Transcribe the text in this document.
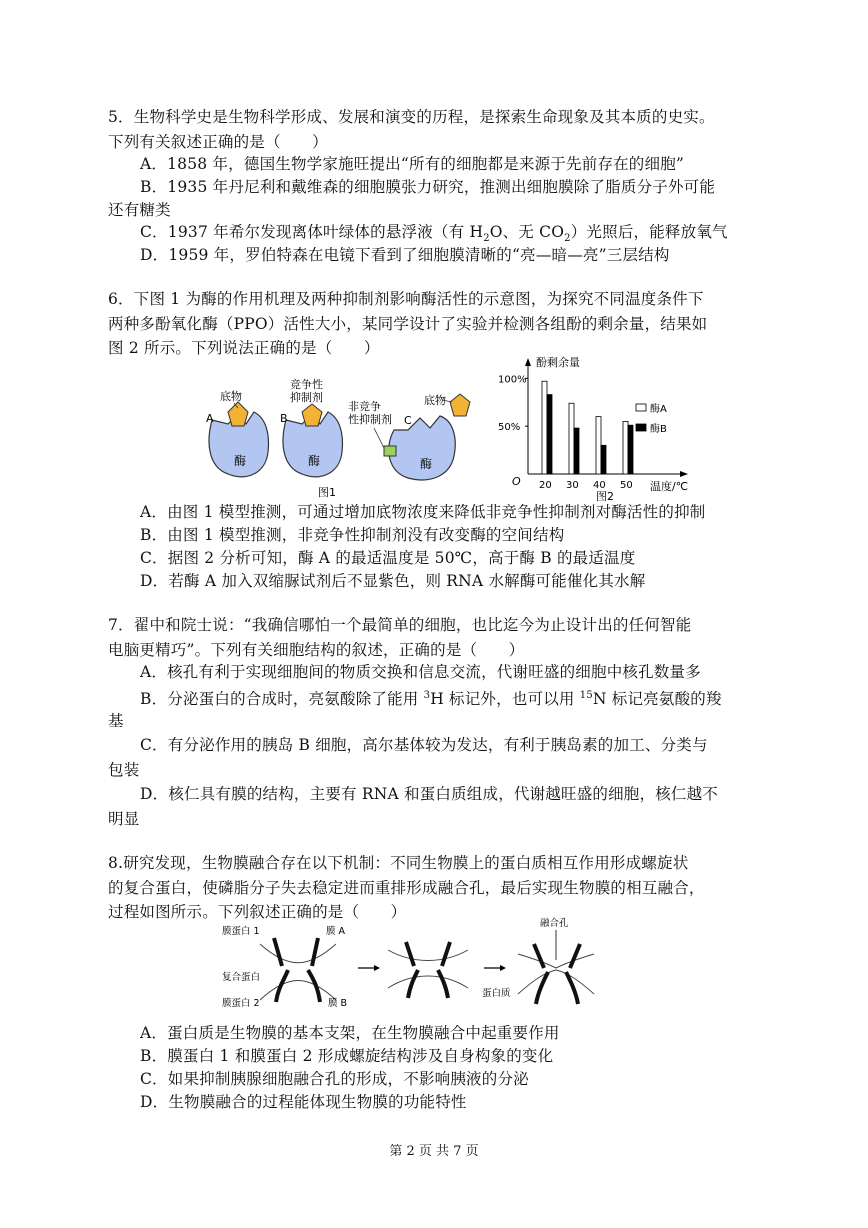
5．生物科学史是生物科学形成、发展和演变的历程，是探索生命现象及其本质的史实。
下列有关叙述正确的是（　　）
A．1858 年，德国生物学家施旺提出“所有的细胞都是来源于先前存在的细胞”
B．1935 年丹尼利和戴维森的细胞膜张力研究，推测出细胞膜除了脂质分子外可能
还有糖类
C．1937 年希尔发现离体叶绿体的悬浮液（有 $H_2O$、无 $CO_2$）光照后，能释放氧气
D．1959 年，罗伯特森在电镜下看到了细胞膜清晰的“亮—暗—亮”三层结构
6．下图 1 为酶的作用机理及两种抑制剂影响酶活性的示意图，为探究不同温度条件下
两种多酚氧化酶（PPO）活性大小，某同学设计了实验并检测各组酚的剩余量，结果如
图 2 所示。下列说法正确的是（　　）
酶
底物
A
酶
竞争性
抑制剂
B
酶
非竞争
性抑制剂
底物
C
图1
酚剩余量
O	温度/℃
100%
50%
20 30 40 50
酶A
酶B
图2
A．由图 1 模型推测，可通过增加底物浓度来降低非竞争性抑制剂对酶活性的抑制
B．由图 1 模型推测，非竞争性抑制剂没有改变酶的空间结构
C．据图 2 分析可知，酶 A 的最适温度是 50℃，高于酶 B 的最适温度
D．若酶 A 加入双缩脲试剂后不显紫色，则 RNA 水解酶可能催化其水解
7．翟中和院士说：“我确信哪怕一个最简单的细胞，也比迄今为止设计出的任何智能
电脑更精巧”。下列有关细胞结构的叙述，正确的是（　　）
A．核孔有利于实现细胞间的物质交换和信息交流，代谢旺盛的细胞中核孔数量多
B．分泌蛋白的合成时，亮氨酸除了能用 $^3$H 标记外，也可以用 $^{15}$N 标记亮氨酸的羧
基
C．有分泌作用的胰岛 B 细胞，高尔基体较为发达，有利于胰岛素的加工、分类与
包装
D．核仁具有膜的结构，主要有 RNA 和蛋白质组成，代谢越旺盛的细胞，核仁越不
明显
8.研究发现，生物膜融合存在以下机制：不同生物膜上的蛋白质相互作用形成螺旋状
的复合蛋白，使磷脂分子失去稳定进而重排形成融合孔，最后实现生物膜的相互融合，
过程如图所示。下列叙述正确的是（　　）
膜蛋白 1	膜 A
复合蛋白
膜蛋白 2	膜 B
融合孔
蛋白质
A．蛋白质是生物膜的基本支架，在生物膜融合中起重要作用
B．膜蛋白 1 和膜蛋白 2 形成螺旋结构涉及自身构象的变化
C．如果抑制胰腺细胞融合孔的形成，不影响胰液的分泌
D．生物膜融合的过程能体现生物膜的功能特性
第 2 页 共 7 页
